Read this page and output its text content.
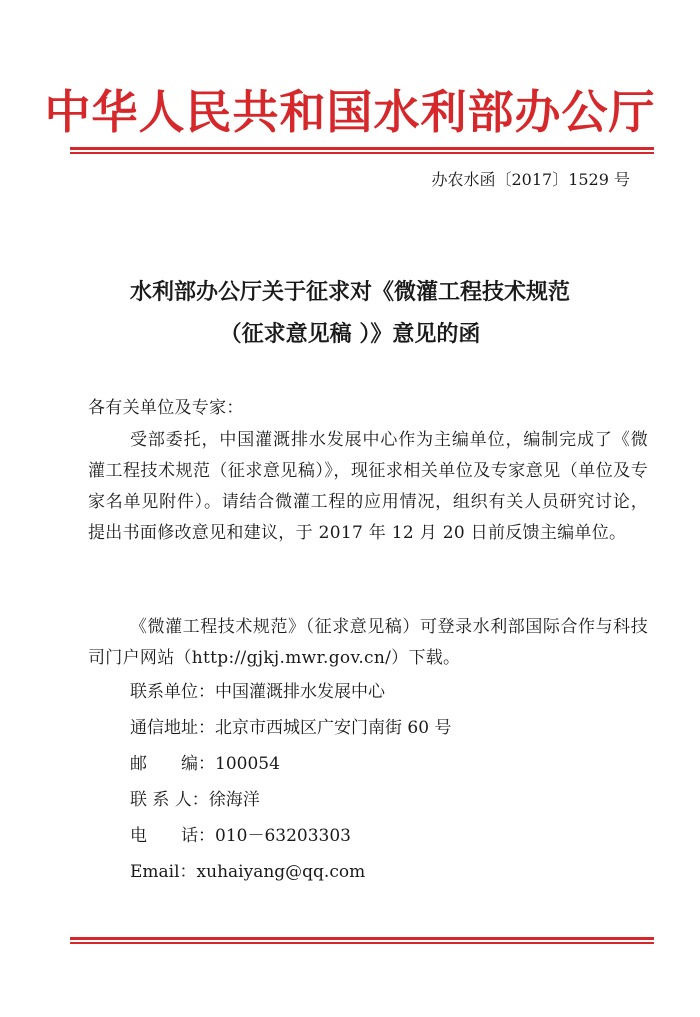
中华人民共和国水利部办公厅
办农水函〔2017〕1529 号
水利部办公厅关于征求对《微灌工程技术规范
（征求意见稿 ）》意见的函
各有关单位及专家：
受部委托，中国灌溉排水发展中心作为主编单位，编制完成了《微灌工程技术规范（征求意见稿）》，现征求相关单位及专家意见（单位及专家名单见附件）。请结合微灌工程的应用情况，组织有关人员研究讨论，提出书面修改意见和建议，于 2017 年 12 月 20 日前反馈主编单位。
《微灌工程技术规范》（征求意见稿）可登录水利部国际合作与科技司门户网站（http://gjkj.mwr.gov.cn/）下载。
联系单位：中国灌溉排水发展中心
通信地址：北京市西城区广安门南街 60 号
邮　　编：100054
联 系 人：徐海洋
电　　话：010－63203303
Email：xuhaiyang@qq.com
